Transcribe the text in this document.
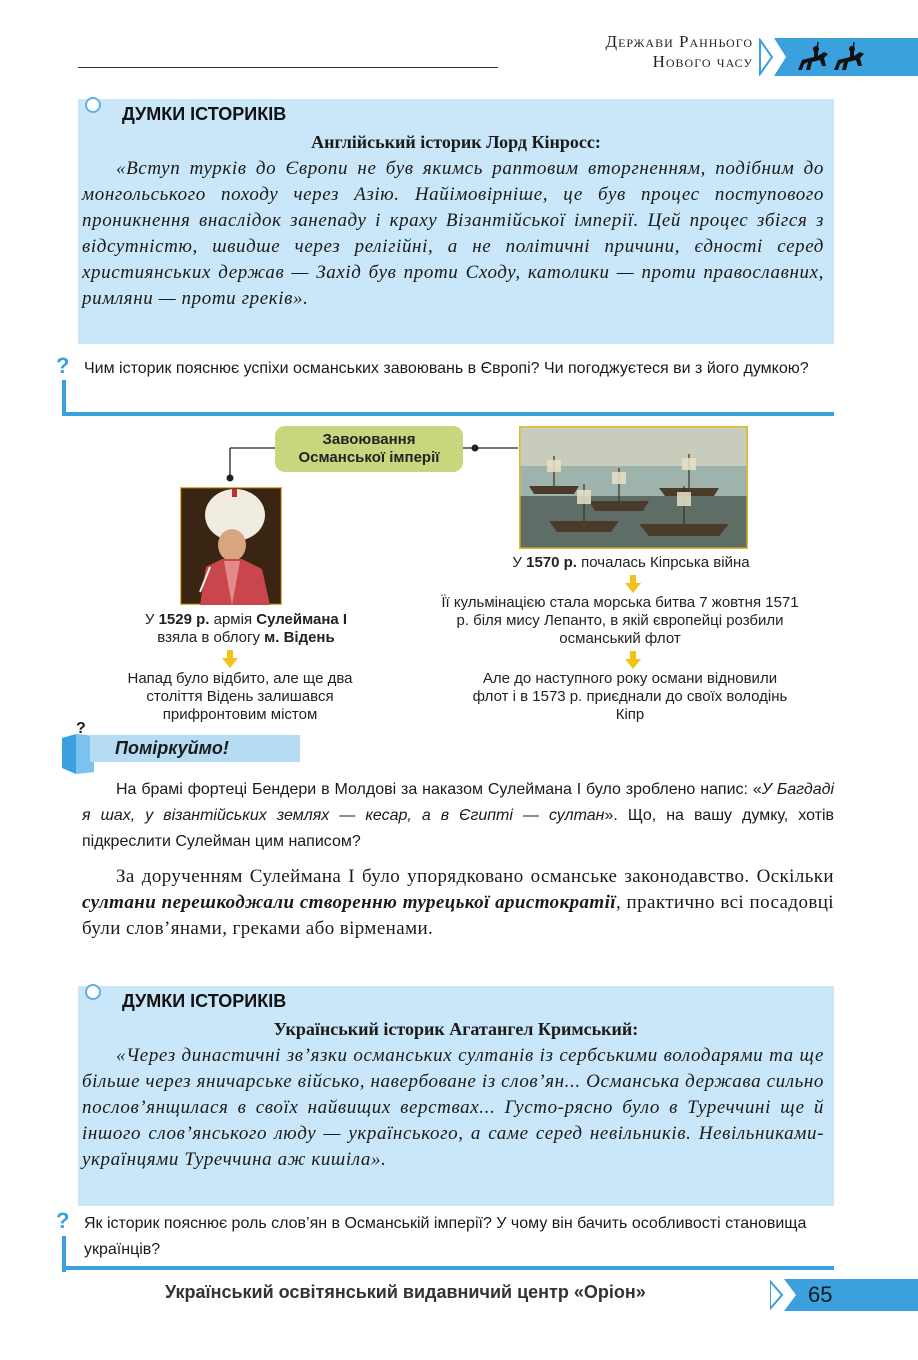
Держави Раннього
Нового часу
ДУМКИ ІСТОРИКІВ
Англійський історик Лорд Кінросс:
«Вступ турків до Європи не був якимсь раптовим вторгненням, подібним до монгольського походу через Азію. Найімовірніше, це був процес поступового проникнення внаслідок занепаду і краху Візантійської імперії. Цей процес збігся з відсутністю, швидше через релігійні, а не політичні причини, єдності серед християнських держав — Захід був проти Сходу, католики — проти православних, римляни — проти греків».
? Чим історик пояснює успіхи османських завоювань в Європі? Чи погоджуєтеся ви з його думкою?
Завоювання
Османської імперії
У 1570 р. почалась Кіпрська війна
Її кульмінацією стала морська битва 7 жовтня 1571 р. біля мису Лепанто, в якій європейці розбили османський флот
Але до наступного року османи відновили флот і в 1573 р. приєднали до своїх володінь Кіпр
У 1529 р. армія Сулеймана І
взяла в облогу м. Відень
Напад було відбито, але ще два століття Відень залишався прифронтовим містом
?
Поміркуймо!
На брамі фортеці Бендери в Молдові за наказом Сулеймана І було зроблено напис: «У Багдаді я шах, у візантійських землях — кесар, а в Єгипті — султан». Що, на вашу думку, хотів підкреслити Сулейман цим написом?
За дорученням Сулеймана І було упорядковано османське законодавство. Оскільки султани перешкоджали створенню турецької аристократії, практично всі посадовці були слов’янами, греками або вірменами.
ДУМКИ ІСТОРИКІВ
Український історик Агатангел Кримський:
«Через династичні зв’язки османських султанів із сербськими володарями та ще більше через яничарське військо, навербоване із слов’ян... Османська держава сильно послов’янщилася в своїх найвищих верствах... Густо-рясно було в Туреччині ще й іншого слов’янського люду — українського, а саме серед невільників. Невільниками-українцями Туреччина аж кишіла».
? Як історик пояснює роль слов’ян в Османській імперії? У чому він бачить особливості становища українців?
Український освітянський видавничий центр «Оріон»	65
